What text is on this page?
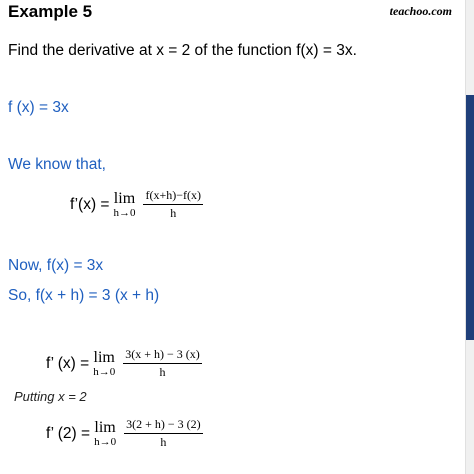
Example 5	teachoo.com
Find the derivative at x = 2 of the function f(x) = 3x.
f (x) = 3x
We know that,
f’(x) = lim
$h\to 0 \frac{f(x+h)-f(x)}{h}$
Now, f(x) = 3x
So, f(x + h) = 3 (x + h)
f’ (x) = lim
$h\to 0 \frac{3(x + h) - 3 (x)}{h}$
Putting x = 2
f’ (2) = lim
$h\to 0 \frac{3(2 + h) - 3 (2)}{h}$
